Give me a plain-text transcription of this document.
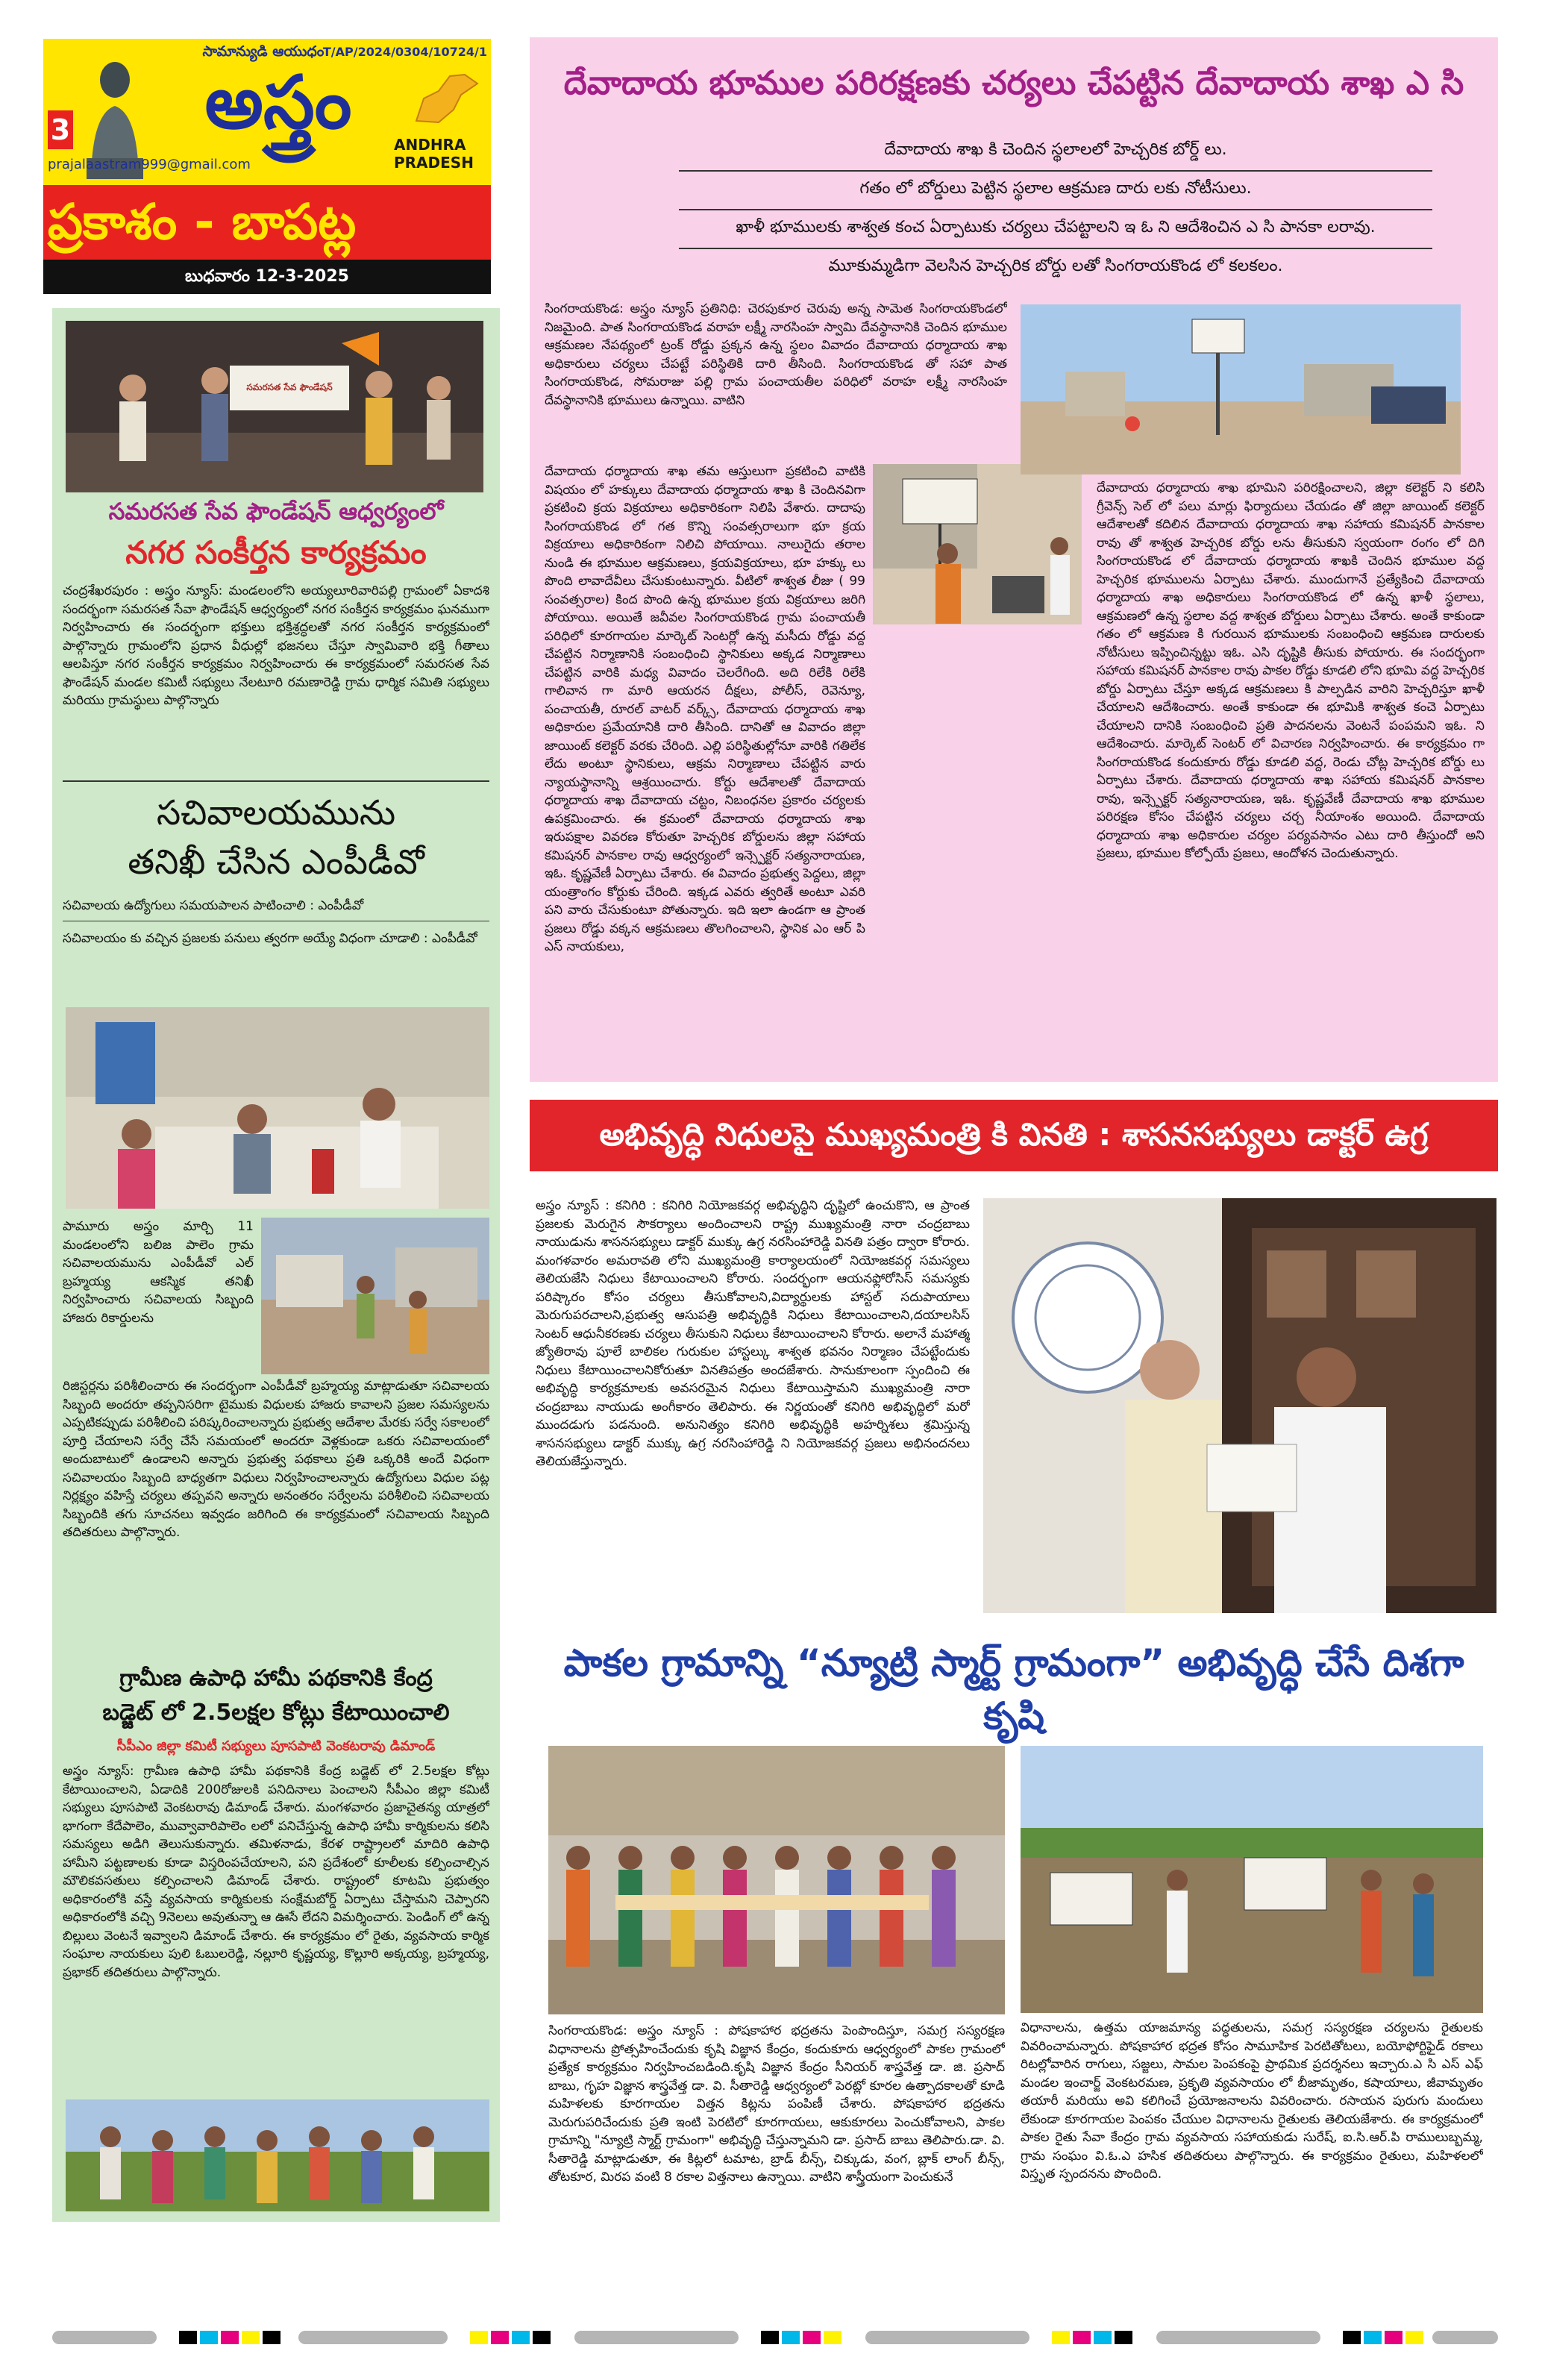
సామాన్యుడి ఆయుధం
T/AP/2024/0304/10724/1
3	అస్త్రం	ANDHRA
PRADESH
prajalaastram999@gmail.com
ప్రకాశం - బాపట్ల
బుధవారం 12-3-2025
సమరసత సేవ ఫౌండేషన్
సమరసత సేవ ఫౌండేషన్ ఆధ్వర్యంలో
నగర సంకీర్తన కార్యక్రమం
చంద్రశేఖరపురం : అస్త్రం న్యూస్: మండలంలోని అయ్యలూరివారిపల్లి గ్రామంలో ఏకాదశి సందర్భంగా సమరసత సేవా ఫౌండేషన్ ఆధ్వర్యంలో నగర సంకీర్తన కార్యక్రమం ఘనముగా నిర్వహించారు ఈ సందర్భంగా భక్తులు భక్తిశ్రద్ధలతో నగర సంకీర్తన కార్యక్రమంలో పాల్గొన్నారు గ్రామంలోని ప్రధాన వీధుల్లో భజనలు చేస్తూ స్వామివారి భక్తి గీతాలు ఆలపిస్తూ నగర సంకీర్తన కార్యక్రమం నిర్వహించారు ఈ కార్యక్రమంలో సమరసత సేవ ఫౌండేషన్ మండల కమిటీ సభ్యులు నేలటూరి రమణారెడ్డి గ్రామ ధార్మిక సమితి సభ్యులు మరియు గ్రామస్థులు పాల్గొన్నారు
సచివాలయమును
తనిఖీ చేసిన ఎంపీడీవో
సచివాలయ ఉద్యోగులు సమయపాలన పాటించాలి : ఎంపీడీవో
సచివాలయం కు వచ్చిన ప్రజలకు పనులు త్వరగా అయ్యే విధంగా చూడాలి : ఎంపీడీవో
పామూరు అస్త్రం మార్చి 11 మండలంలోని బలిజ పాలెం గ్రామ సచివాలయమును ఎంపీడీవో ఎల్ బ్రహ్మయ్య ఆకస్మిక తనిఖీ నిర్వహించారు సచివాలయ సిబ్బంది హాజరు రికార్డులను
రిజిస్టర్లను పరిశీలించారు ఈ సందర్భంగా ఎంపీడీవో బ్రహ్మయ్య మాట్లాడుతూ సచివాలయ సిబ్బంది అందరూ తప్పనిసరిగా టైముకు విధులకు హాజరు కావాలని ప్రజల సమస్యలను ఎప్పటికప్పుడు పరిశీలించి పరిష్కరించాలన్నారు ప్రభుత్వ ఆదేశాల మేరకు సర్వే సకాలంలో పూర్తి చేయాలని సర్వే చేసే సమయంలో అందరూ వెళ్లకుండా ఒకరు సచివాలయంలో అందుబాటులో ఉండాలని అన్నారు ప్రభుత్వ పథకాలు ప్రతి ఒక్కరికి అందే విధంగా సచివాలయం సిబ్బంది బాధ్యతగా విధులు నిర్వహించాలన్నారు ఉద్యోగులు విధుల పట్ల నిర్లక్ష్యం వహిస్తే చర్యలు తప్పవని అన్నారు అనంతరం సర్వేలను పరిశీలించి సచివాలయ సిబ్బందికి తగు సూచనలు ఇవ్వడం జరిగింది ఈ కార్యక్రమంలో సచివాలయ సిబ్బంది తదితరులు పాల్గొన్నారు.
గ్రామీణ ఉపాధి హామీ పథకానికి కేంద్ర
బడ్జెట్ లో 2.5లక్షల కోట్లు కేటాయించాలి
సీపీఎం జిల్లా కమిటీ సభ్యులు పూసపాటి వెంకటరావు డిమాండ్
అస్త్రం న్యూస్: గ్రామీణ ఉపాధి హామీ పథకానికి కేంద్ర బడ్జెట్ లో 2.5లక్షల కోట్లు కేటాయించాలని, ఏడాదికి 200రోజులకి పనిదినాలు పెంచాలని సీపీఎం జిల్లా కమిటీ సభ్యులు పూసపాటి వెంకటరావు డిమాండ్ చేశారు. మంగళవారం ప్రజాచైతన్య యాత్రలో భాగంగా కేదేపాలెం, మువ్వావారిపాలెం లలో పనిచేస్తున్న ఉపాధి హామీ కార్మికులను కలిసి సమస్యలు అడిగి తెలుసుకున్నారు. తమిళనాడు, కేరళ రాష్ట్రాలలో మాదిరి ఉపాధి హామీని పట్టణాలకు కూడా విస్తరింపచేయాలని, పని ప్రదేశంలో కూలీలకు కల్పించాల్సిన మౌలికవసతులు కల్పించాలని డిమాండ్ చేశారు. రాష్ట్రంలో కూటమి ప్రభుత్వం అధికారంలోకి వస్తే వ్యవసాయ కార్మికులకు సంక్షేమబోర్డ్ ఏర్పాటు చేస్తామని చెప్పారని అధికారంలోకి వచ్చి 9నెలలు అవుతున్నా ఆ ఊసే లేదని విమర్శించారు. పెండింగ్ లో ఉన్న బిల్లులు వెంటనే ఇవ్వాలని డిమాండ్ చేశారు. ఈ కార్యక్రమం లో రైతు, వ్యవసాయ కార్మిక సంఘాల నాయకులు పులి ఓబులరెడ్డి, నల్లూరి కృష్ణయ్య, కొల్లూరి అక్కయ్య, బ్రహ్మయ్య, ప్రభాకర్ తదితరులు పాల్గొన్నారు.
దేవాదాయ భూముల పరిరక్షణకు చర్యలు చేపట్టిన దేవాదాయ శాఖ ఎ సి
దేవాదాయ శాఖ కి చెందిన స్థలాలలో హెచ్చరిక బోర్డ్ లు.
గతం లో బోర్డులు పెట్టిన స్థలాల ఆక్రమణ దారు లకు నోటీసులు.
ఖాళీ భూములకు శాశ్వత కంచ ఏర్పాటుకు చర్యలు చేపట్టాలని ఇ ఓ ని ఆదేశించిన ఎ సి పానకా లరావు.
మూకుమ్మడిగా వెలసిన హెచ్చరిక బోర్డు లతో సింగరాయకొండ లో కలకలం.
సింగరాయకొండ: అస్త్రం న్యూస్ ప్రతినిధి: చెరపుకూర చెరువు అన్న సామెత సింగరాయకొండలో నిజమైంది. పాత సింగరాయకొండ వరాహ లక్ష్మీ నారసింహ స్వామి దేవస్థానానికి చెందిన భూముల ఆక్రమణల నేపథ్యంలో ట్రంక్ రోడ్డు ప్రక్కన ఉన్న స్థలం వివాదం దేవాదాయ ధర్మాదాయ శాఖ అధికారులు చర్యలు చేపట్టే పరిస్థితికి దారి తీసింది. సింగరాయకొండ తో సహా పాత సింగరాయకొండ, సోమరాజు పల్లి గ్రామ పంచాయతీల పరిధిలో వరాహ లక్ష్మీ నారసింహ దేవస్థానానికి భూములు ఉన్నాయి. వాటిని
దేవాదాయ ధర్మాదాయ శాఖ తమ ఆస్తులుగా ప్రకటించి వాటికి విషయం లో హక్కులు దేవాదాయ ధర్మాదాయ శాఖ కి చెందినవిగా ప్రకటించి క్రయ విక్రయాలు అధికారికంగా నిలిపి వేశారు. దాదాపు సింగరాయకొండ లో గత కొన్ని సంవత్సరాలుగా భూ క్రయ విక్రయాలు అధికారికంగా నిలిచి పోయాయి. నాలుగైదు తరాల నుండి ఈ భూముల ఆక్రమణలు, క్రయవిక్రయాలు, భూ హక్కు లు పొంది లావాదేవీలు చేసుకుంటున్నారు. వీటిలో శాశ్వత లీజు ( 99 సంవత్సరాల) కింద పొంది ఉన్న భూముల క్రయ విక్రయాలు జరిగి పోయాయి. అయితే జవీవల సింగరాయకొండ గ్రామ పంచాయతీ పరిధిలో కూరగాయల మార్కెట్ సెంటర్లో ఉన్న మసీదు రోడ్డు వద్ద చేపట్టిన నిర్మాణానికి సంబంధించి స్థానికులు అక్కడ నిర్మాణాలు చేపట్టిన వారికి మధ్య వివాదం చెలరేగింది. అది రిలేకి రిలేకి గాలివాన గా మారి ఆయరన దీక్షలు, పోలీస్, రెవెన్యూ, పంచాయతీ, రూరల్ వాటర్ వర్క్స్, దేవాదాయ ధర్మాదాయ శాఖ అధికారుల ప్రమేయానికి దారి తీసింది. దానితో ఆ వివాదం జిల్లా జాయింట్ కలెక్టర్ వరకు చేరింది. ఎల్లి పరిస్థితుల్లోనూ వారికి గతిలేక లేదు అంటూ స్థానికులు, ఆక్రమ నిర్మాణాలు చేపట్టిన వారు న్యాయస్థానాన్ని ఆశ్రయించారు. కోర్టు ఆదేశాలతో దేవాదాయ ధర్మాదాయ శాఖ దేవాదాయ చట్టం, నిబంధనల ప్రకారం చర్యలకు ఉపక్రమించారు. ఈ క్రమంలో దేవాదాయ ధర్మాదాయ శాఖ ఇరుపక్షాల వివరణ కోరుతూ హెచ్చరిక బోర్డులను జిల్లా సహాయ కమిషనర్ పానకాల రావు ఆధ్వర్యంలో ఇన్స్పెక్టర్ సత్యనారాయణ, ఇఓ. కృష్ణవేణీ ఏర్పాటు చేశారు. ఈ వివాదం ప్రభుత్వ పెద్దలు, జిల్లా యంత్రాంగం కోర్టుకు చేరింది. ఇక్కడ ఎవరు త్వరితే అంటూ ఎవరి పని వారు చేసుకుంటూ పోతున్నారు. ఇది ఇలా ఉండగా ఆ ప్రాంత ప్రజలు రోడ్డు వక్కన ఆక్రమణలు తొలగించాలని, స్థానిక ఎం ఆర్ పి ఎస్ నాయకులు,
దేవాదాయ ధర్మాదాయ శాఖ భూమిని పరిరక్షించాలని, జిల్లా కలెక్టర్ ని కలిసి గ్రీవెన్స్ సెల్ లో పలు మార్లు ఫిర్యాదులు చేయడం తో జిల్లా జాయింట్ కలెక్టర్ ఆదేశాలతో కదిలిన దేవాదాయ ధర్మాదాయ శాఖ సహాయ కమిషనర్ పానకాల రావు తో శాశ్వత హెచ్చరిక బోర్డు లను తీసుకుని స్వయంగా రంగం లో దిగి సింగరాయకొండ లో దేవాదాయ ధర్మాదాయ శాఖకి చెందిన భూముల వద్ద హెచ్చరిక భూములను ఏర్పాటు చేశారు. ముందుగానే ప్రత్యేకించి దేవాదాయ ధర్మాదాయ శాఖ అధికారులు సింగరాయకొండ లో ఉన్న ఖాళీ స్థలాలు, ఆక్రమణలో ఉన్న స్థలాల వద్ద శాశ్వత బోర్డులు ఏర్పాటు చేశారు. అంతే కాకుండా గతం లో ఆక్రమణ కి గురయిన భూములకు సంబంధించి ఆక్రమణ దారులకు నోటీసులు ఇప్పించిన్నట్టు ఇఓ. ఎసి దృష్టికి తీసుకు పోయారు. ఈ సందర్భంగా సహాయ కమిషనర్ పానకాల రావు పాకల రోడ్డు కూడలి లోని భూమి వద్ద హెచ్చరిక బోర్డు ఏర్పాటు చేస్తూ అక్కడ ఆక్రమణలు కి పాల్పడిన వారిని హెచ్చరిస్తూ ఖాళీ చేయాలని ఆదేశించారు. అంతే కాకుండా ఈ భూమికి శాశ్వత కంచె ఏర్పాటు చేయాలని దానికి సంబంధించి ప్రతి పాదనలను వెంటనే పంపమని ఇఓ. ని ఆదేశించారు. మార్కెట్ సెంటర్ లో విచారణ నిర్వహించారు. ఈ కార్యక్రమం గా సింగరాయకొండ కందుకూరు రోడ్డు కూడలి వద్ద, రెండు చోట్ల హెచ్చరిక బోర్డు లు ఏర్పాటు చేశారు. దేవాదాయ ధర్మాదాయ శాఖ సహాయ కమిషనర్ పానకాల రావు, ఇన్స్పెక్టర్ సత్యనారాయణ, ఇఓ. కృష్ణవేణీ దేవాదాయ శాఖ భూముల పరిరక్షణ కోసం చేపట్టిన చర్యలు చర్చ నీయాంశం అయింది. దేవాదాయ ధర్మాదాయ శాఖ అధికారుల చర్యల పర్యవసానం ఎటు దారి తీస్తుందో అని ప్రజలు, భూముల కోల్పోయే ప్రజలు, ఆందోళన చెందుతున్నారు.
అభివృద్ధి నిధులపై ముఖ్యమంత్రి కి వినతి : శాసనసభ్యులు డాక్టర్ ఉగ్ర
అస్త్రం న్యూస్ : కనిగిరి : కనిగిరి నియోజకవర్గ అభివృద్ధిని దృష్టిలో ఉంచుకొని, ఆ ప్రాంత ప్రజలకు మెరుగైన సౌకర్యాలు అందించాలని రాష్ట్ర ముఖ్యమంత్రి నారా చంద్రబాబు నాయుడును శాసనసభ్యులు డాక్టర్ ముక్కు ఉగ్ర నరసింహారెడ్డి వినతి పత్రం ద్వారా కోరారు. మంగళవారం అమరావతి లోని ముఖ్యమంత్రి కార్యాలయంలో నియోజకవర్గ సమస్యలు తెలియజేసి నిధులు కేటాయించాలని కోరారు. సందర్భంగా ఆయనఫ్లోరోసిస్ సమస్యకు పరిష్కారం కోసం చర్యలు తీసుకోవాలని,విద్యార్థులకు హాస్టల్ సదుపాయాలు మెరుగుపరచాలని,ప్రభుత్వ ఆసుపత్రి అభివృద్ధికి నిధులు కేటాయించాలని,దయాలసిస్ సెంటర్ ఆధునీకరణకు చర్యలు తీసుకుని నిధులు కేటాయించాలని కోరారు. అలానే మహాత్మ జ్యోతిరావు పూలే బాలికల గురుకుల హాస్టల్కు శాశ్వత భవనం నిర్మాణం చేపట్టేందుకు నిధులు కేటాయించాలనికోరుతూ వినతిపత్రం అందజేశారు. సానుకూలంగా స్పందించి ఈ అభివృద్ధి కార్యక్రమాలకు అవసరమైన నిధులు కేటాయిస్తామని ముఖ్యమంత్రి నారా చంద్రబాబు నాయుడు అంగీకారం తెలిపారు. ఈ నిర్ణయంతో కనిగిరి అభివృద్ధిలో మరో ముందడుగు పడనుంది. అనునిత్యం కనిగిరి అభివృద్ధికి అహర్నిశలు శ్రమిస్తున్న శాసనసభ్యులు డాక్టర్ ముక్కు ఉగ్ర నరసింహారెడ్డి ని నియోజకవర్గ ప్రజలు అభినందనలు తెలియజేస్తున్నారు.
పాకల గ్రామాన్ని “న్యూట్రి స్మార్ట్ గ్రామంగా” అభివృద్ధి చేసే దిశగా కృషి
సింగరాయకొండ: అస్త్రం న్యూస్ : పోషకాహార భద్రతను పెంపొందిస్తూ, సమగ్ర సస్యరక్షణ విధానాలను ప్రోత్సహించేందుకు కృషి విజ్ఞాన కేంద్రం, కందుకూరు ఆధ్వర్యంలో పాకల గ్రామంలో ప్రత్యేక కార్యక్రమం నిర్వహించబడింది.కృషి విజ్ఞాన కేంద్రం సీనియర్ శాస్త్రవేత్త డా. జి. ప్రసాద్ బాబు, గృహ విజ్ఞాన శాస్త్రవేత్త డా. వి. సీతారెడ్డి ఆధ్వర్యంలో పెరట్లో కూరల ఉత్పాదకాలతో కూడి మహిళలకు కూరగాయల విత్తన కిట్లను పంపిణీ చేశారు. పోషకాహార భద్రతను మెరుగుపరిచేందుకు ప్రతి ఇంటి పెరటిలో కూరగాయలు, ఆకుకూరలు పెంచుకోవాలని, పాకల గ్రామాన్ని "న్యూట్రి స్మార్ట్ గ్రామంగా" అభివృద్ధి చేస్తున్నామని డా. ప్రసాద్ బాబు తెలిపారు.డా. వి. సీతారెడ్డి మాట్లాడుతూ, ఈ కిట్లలో టమాట, బ్రాడ్ బీన్స్, చిక్కుడు, వంగ, బ్లాక్ లాంగ్ బీన్స్, తోటకూర, మిరప వంటి 8 రకాల విత్తనాలు ఉన్నాయి. వాటిని శాస్త్రీయంగా పెంచుకునే
విధానాలను, ఉత్తమ యాజమాన్య పద్ధతులను, సమగ్ర సస్యరక్షణ చర్యలను రైతులకు వివరించామన్నారు. పోషకాహార భద్రత కోసం సామూహిక పెరటితోటలు, బయోఫోర్టిఫైడ్ రకాలు రిటల్లోవారిన రాగులు, సజ్జలు, సామల పెంపకంపై ప్రాథమిక ప్రదర్శనలు ఇచ్చారు.ఎ సి ఎస్ ఎఫ్ మండల ఇంచార్జ్ వెంకటరమణ, ప్రకృతి వ్యవసాయం లో బీజామృతం, కషాయాలు, జీవామృతం తయారీ మరియు అవి కలిగించే ప్రయోజనాలను వివరించారు. రసాయన పురుగు మందులు లేకుండా కూరగాయల పెంపకం చేయుల విధానాలను రైతులకు తెలియజేశారు. ఈ కార్యక్రమంలో పాకల రైతు సేవా కేంద్రం గ్రామ వ్యవసాయ సహాయకుడు సురేష్, ఐ.సి.ఆర్.పి రాములుబ్బమ్మ, గ్రామ సంఘం వి.ఓ.ఎ హసిక తదితరులు పాల్గొన్నారు. ఈ కార్యక్రమం రైతులు, మహిళలలో విస్తృత స్పందనను పొందింది.
